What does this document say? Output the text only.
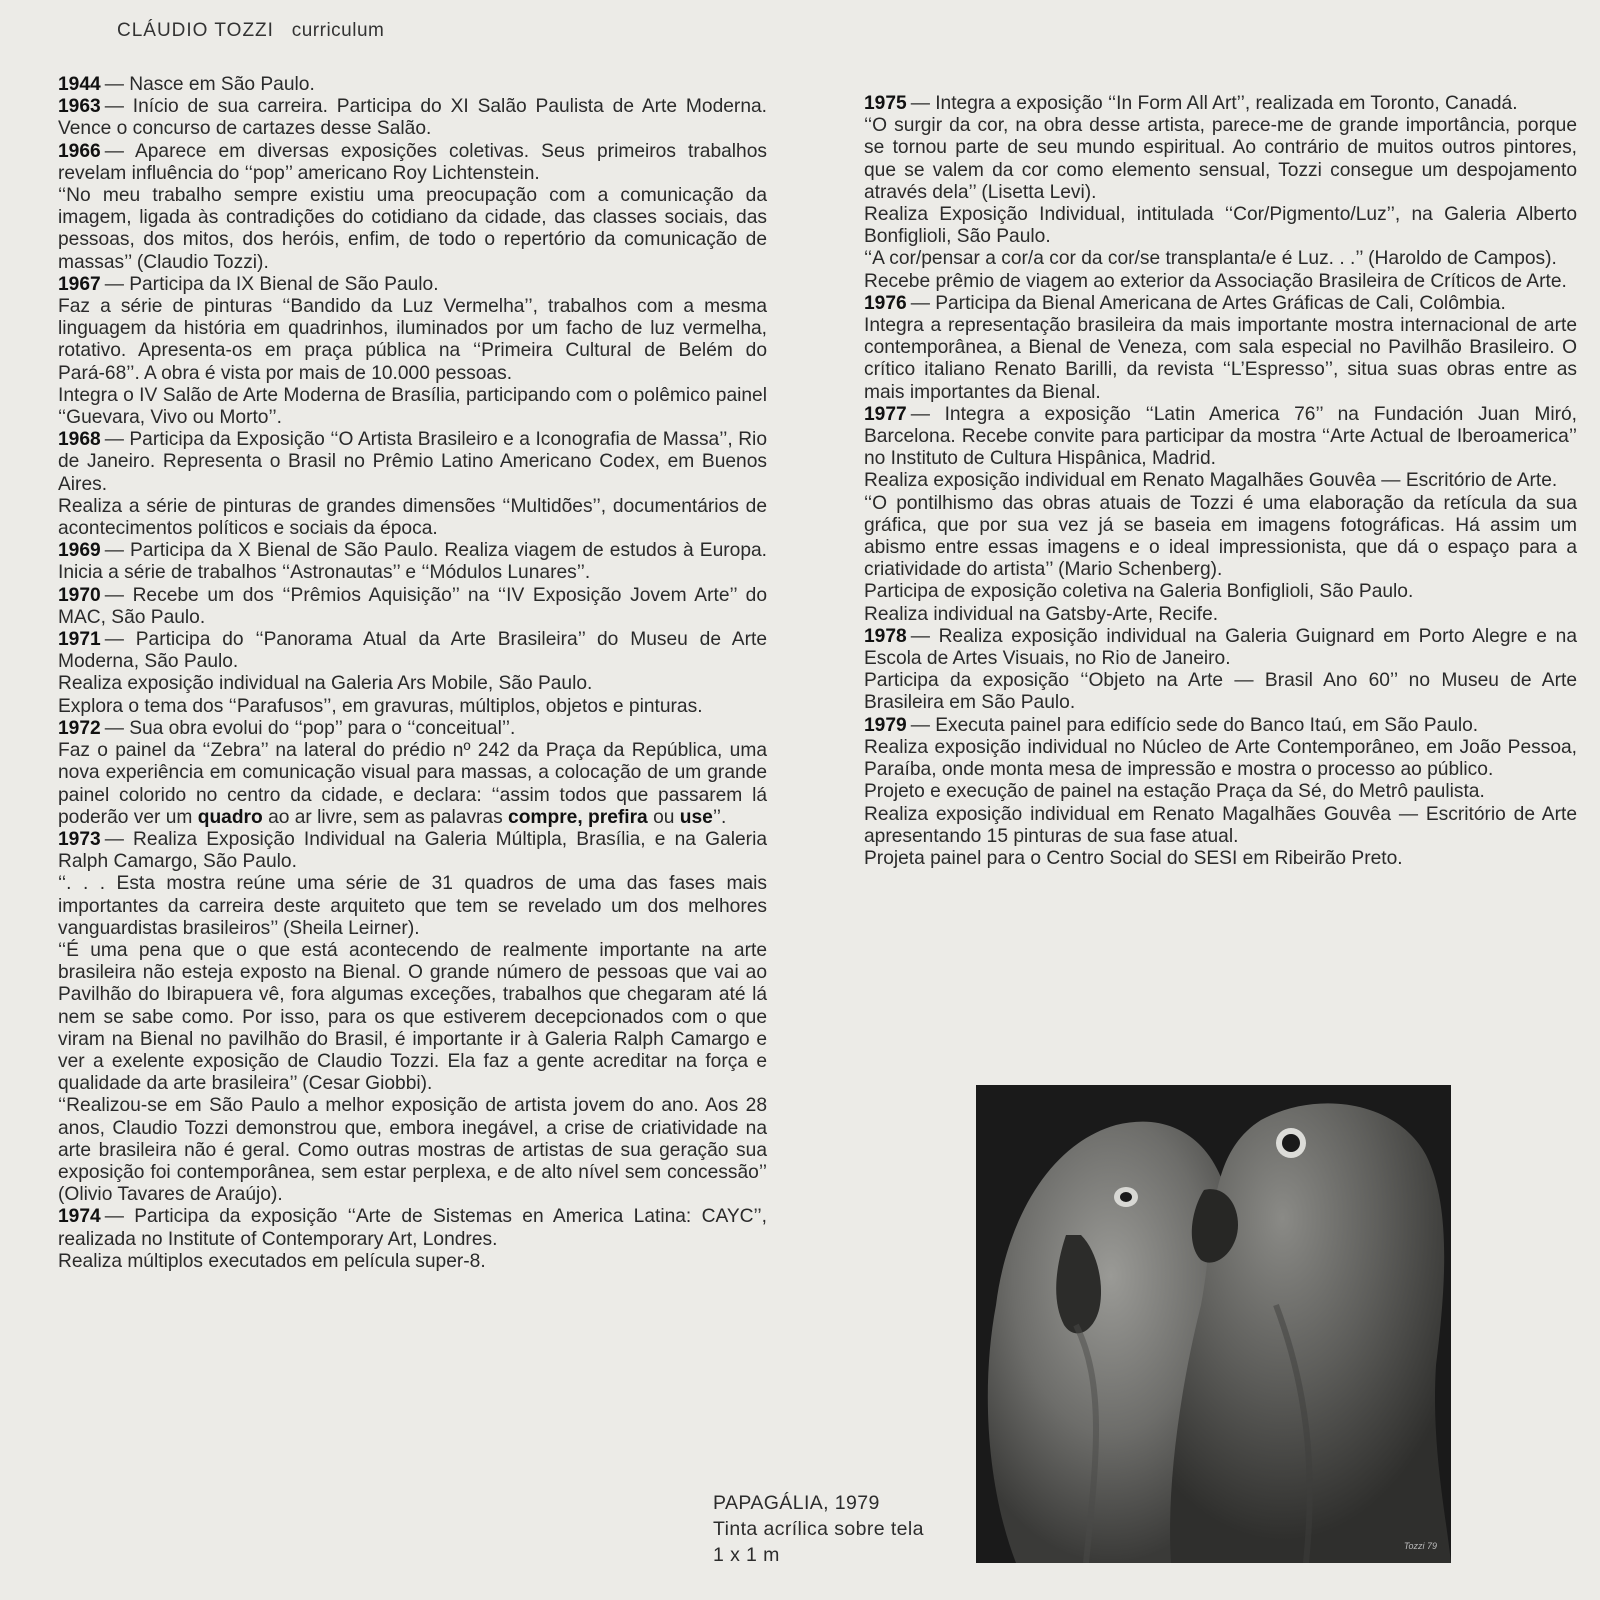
CLÁUDIO TOZZI curriculum

1944 — Nasce em São Paulo.

1963 — Início de sua carreira. Participa do XI Salão Paulista de Arte Moderna. Vence o concurso de cartazes desse Salão.

1966 — Aparece em diversas exposições coletivas. Seus primeiros trabalhos revelam influência do ‘‘pop’’ americano Roy Lichtenstein.

‘‘No meu trabalho sempre existiu uma preocupação com a comunicação da imagem, ligada às contradições do cotidiano da cidade, das classes sociais, das pessoas, dos mitos, dos heróis, enfim, de todo o repertório da comunicação de massas’’ (Claudio Tozzi).

1967 — Participa da IX Bienal de São Paulo.

Faz a série de pinturas ‘‘Bandido da Luz Vermelha’’, trabalhos com a mesma linguagem da história em quadrinhos, iluminados por um facho de luz vermelha, rotativo. Apresenta-os em praça pública na ‘‘Primeira Cultural de Belém do Pará-68’’. A obra é vista por mais de 10.000 pessoas.

Integra o IV Salão de Arte Moderna de Brasília, participando com o polêmico painel ‘‘Guevara, Vivo ou Morto’’.

1968 — Participa da Exposição ‘‘O Artista Brasileiro e a Iconografia de Massa’’, Rio de Janeiro. Representa o Brasil no Prêmio Latino Americano Codex, em Buenos Aires.

Realiza a série de pinturas de grandes dimensões ‘‘Multidões’’, documentários de acontecimentos políticos e sociais da época.

1969 — Participa da X Bienal de São Paulo. Realiza viagem de estudos à Europa. Inicia a série de trabalhos ‘‘Astronautas’’ e ‘‘Módulos Lunares’’.

1970 — Recebe um dos ‘‘Prêmios Aquisição’’ na ‘‘IV Exposição Jovem Arte’’ do MAC, São Paulo.

1971 — Participa do ‘‘Panorama Atual da Arte Brasileira’’ do Museu de Arte Moderna, São Paulo.

Realiza exposição individual na Galeria Ars Mobile, São Paulo.

Explora o tema dos ‘‘Parafusos’’, em gravuras, múltiplos, objetos e pinturas.

1972 — Sua obra evolui do ‘‘pop’’ para o ‘‘conceitual’’.

Faz o painel da ‘‘Zebra’’ na lateral do prédio nº 242 da Praça da República, uma nova experiência em comunicação visual para massas, a colocação de um grande painel colorido no centro da cidade, e declara: ‘‘assim todos que passarem lá poderão ver um quadro ao ar livre, sem as palavras compre, prefira ou use’’.

1973 — Realiza Exposição Individual na Galeria Múltipla, Brasília, e na Galeria Ralph Camargo, São Paulo.

‘‘. . . Esta mostra reúne uma série de 31 quadros de uma das fases mais importantes da carreira deste arquiteto que tem se revelado um dos melhores vanguardistas brasileiros’’ (Sheila Leirner).

‘‘É uma pena que o que está acontecendo de realmente importante na arte brasileira não esteja exposto na Bienal. O grande número de pessoas que vai ao Pavilhão do Ibirapuera vê, fora algumas exceções, trabalhos que chegaram até lá nem se sabe como. Por isso, para os que estiverem decepcionados com o que viram na Bienal no pavilhão do Brasil, é importante ir à Galeria Ralph Camargo e ver a exelente exposição de Claudio Tozzi. Ela faz a gente acreditar na força e qualidade da arte brasileira’’ (Cesar Giobbi).

‘‘Realizou-se em São Paulo a melhor exposição de artista jovem do ano. Aos 28 anos, Claudio Tozzi demonstrou que, embora inegável, a crise de criatividade na arte brasileira não é geral. Como outras mostras de artistas de sua geração sua exposição foi contemporânea, sem estar perplexa, e de alto nível sem concessão’’ (Olivio Tavares de Araújo).

1974 — Participa da exposição ‘‘Arte de Sistemas en America Latina: CAYC’’, realizada no Institute of Contemporary Art, Londres.

Realiza múltiplos executados em película super-8.

1975 — Integra a exposição ‘‘In Form All Art’’, realizada em Toronto, Canadá.

‘‘O surgir da cor, na obra desse artista, parece-me de grande importância, porque se tornou parte de seu mundo espiritual. Ao contrário de muitos outros pintores, que se valem da cor como elemento sensual, Tozzi consegue um despojamento através dela’’ (Lisetta Levi).

Realiza Exposição Individual, intitulada ‘‘Cor/Pigmento/Luz’’, na Galeria Alberto Bonfiglioli, São Paulo.

‘‘A cor/pensar a cor/a cor da cor/se transplanta/e é Luz. . .’’ (Haroldo de Campos).

Recebe prêmio de viagem ao exterior da Associação Brasileira de Críticos de Arte.

1976 — Participa da Bienal Americana de Artes Gráficas de Cali, Colômbia.

Integra a representação brasileira da mais importante mostra internacional de arte contemporânea, a Bienal de Veneza, com sala especial no Pavilhão Brasileiro. O crítico italiano Renato Barilli, da revista ‘‘L’Espresso’’, situa suas obras entre as mais importantes da Bienal.

1977 — Integra a exposição ‘‘Latin America 76’’ na Fundación Juan Miró, Barcelona. Recebe convite para participar da mostra ‘‘Arte Actual de Iberoamerica’’ no Instituto de Cultura Hispânica, Madrid.

Realiza exposição individual em Renato Magalhães Gouvêa — Escritório de Arte.

‘‘O pontilhismo das obras atuais de Tozzi é uma elaboração da retícula da sua gráfica, que por sua vez já se baseia em imagens fotográficas. Há assim um abismo entre essas imagens e o ideal impressionista, que dá o espaço para a criatividade do artista’’ (Mario Schenberg).

Participa de exposição coletiva na Galeria Bonfiglioli, São Paulo.

Realiza individual na Gatsby-Arte, Recife.

1978 — Realiza exposição individual na Galeria Guignard em Porto Alegre e na Escola de Artes Visuais, no Rio de Janeiro.

Participa da exposição ‘‘Objeto na Arte — Brasil Ano 60’’ no Museu de Arte Brasileira em São Paulo.

1979 — Executa painel para edifício sede do Banco Itaú, em São Paulo.

Realiza exposição individual no Núcleo de Arte Contemporâneo, em João Pessoa, Paraíba, onde monta mesa de impressão e mostra o processo ao público.

Projeto e execução de painel na estação Praça da Sé, do Metrô paulista.

Realiza exposição individual em Renato Magalhães Gouvêa — Escritório de Arte apresentando 15 pinturas de sua fase atual.

Projeta painel para o Centro Social do SESI em Ribeirão Preto.

Tozzi 79
PAPAGÁLIA, 1979
Tinta acrílica sobre tela
1 x 1 m
